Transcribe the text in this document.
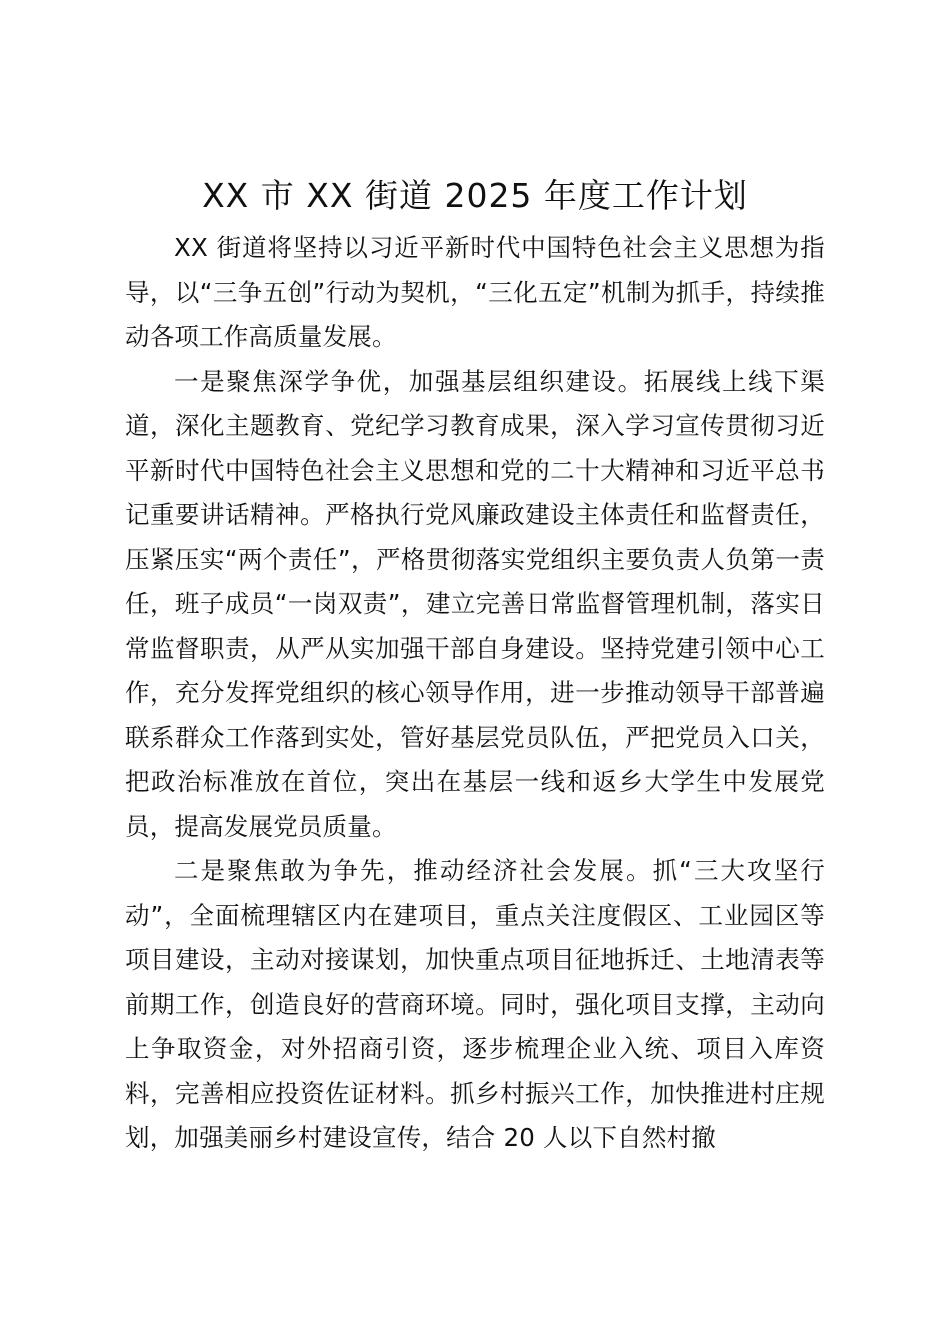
XX 市 XX 街道 2025 年度工作计划

XX 街道将坚持以习近平新时代中国特色社会主义思想为指导，以“三争五创”行动为契机，“三化五定”机制为抓手，持续推动各项工作高质量发展。

一是聚焦深学争优，加强基层组织建设。拓展线上线下渠道，深化主题教育、党纪学习教育成果，深入学习宣传贯彻习近平新时代中国特色社会主义思想和党的二十大精神和习近平总书记重要讲话精神。严格执行党风廉政建设主体责任和监督责任，压紧压实“两个责任”，严格贯彻落实党组织主要负责人负第一责任，班子成员“一岗双责”，建立完善日常监督管理机制，落实日常监督职责，从严从实加强干部自身建设。坚持党建引领中心工作，充分发挥党组织的核心领导作用，进一步推动领导干部普遍联系群众工作落到实处，管好基层党员队伍，严把党员入口关，把政治标准放在首位，突出在基层一线和返乡大学生中发展党员，提高发展党员质量。

二是聚焦敢为争先，推动经济社会发展。抓“三大攻坚行动”，全面梳理辖区内在建项目，重点关注度假区、工业园区等项目建设，主动对接谋划，加快重点项目征地拆迁、土地清表等前期工作，创造良好的营商环境。同时，强化项目支撑，主动向上争取资金，对外招商引资，逐步梳理企业入统、项目入库资料，完善相应投资佐证材料。抓乡村振兴工作，加快推进村庄规划，加强美丽乡村建设宣传，结合 20 人以下自然村撤
